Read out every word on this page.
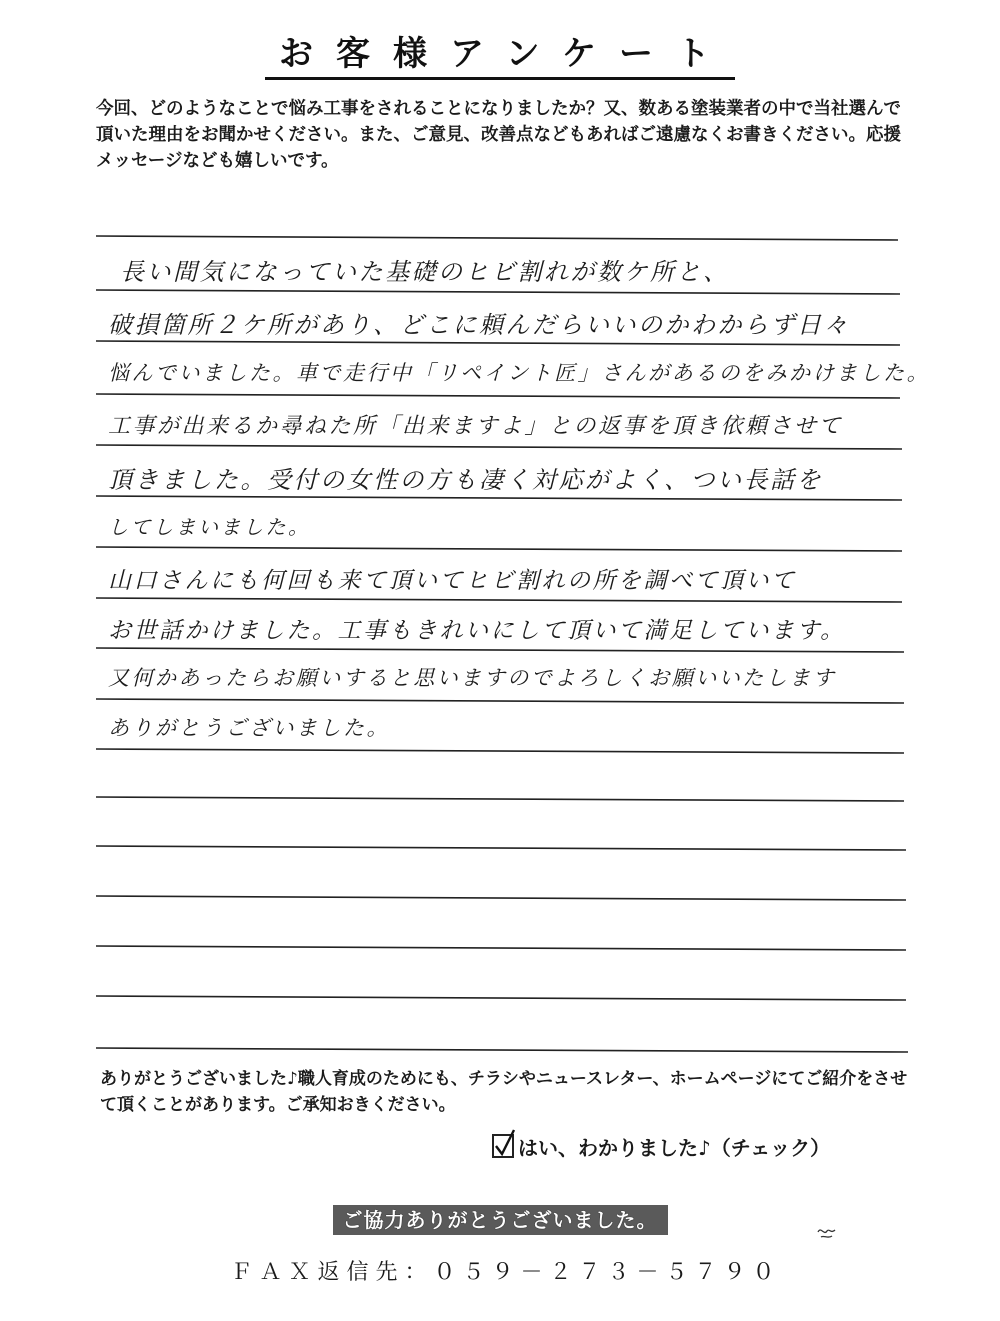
お客様アンケート
今回、どのようなことで悩み工事をされることになりましたか？又、数ある塗装業者の中で当社選んで頂いた理由をお聞かせください。また、ご意見、改善点などもあればご遠慮なくお書きください。応援メッセージなども嬉しいです。
長い間気になっていた基礎のヒビ割れが数ケ所と、
破損箇所２ケ所があり、どこに頼んだらいいのかわからず日々
悩んでいました。車で走行中「リペイント匠」さんがあるのをみかけました。
工事が出来るか尋ねた所「出来ますよ」との返事を頂き依頼させて
頂きました。受付の女性の方も凄く対応がよく、つい長話を
してしまいました。
山口さんにも何回も来て頂いてヒビ割れの所を調べて頂いて
お世話かけました。工事もきれいにして頂いて満足しています。
又何かあったらお願いすると思いますのでよろしくお願いいたします
ありがとうございました。
ありがとうございました♪職人育成のためにも、チラシやニュースレター、ホームページにてご紹介をさせて頂くことがあります。ご承知おきください。
はい、わかりました♪（チェック）
ご協力ありがとうございました。
ＦＡＸ返信先：０５９－２７３－５７９０
